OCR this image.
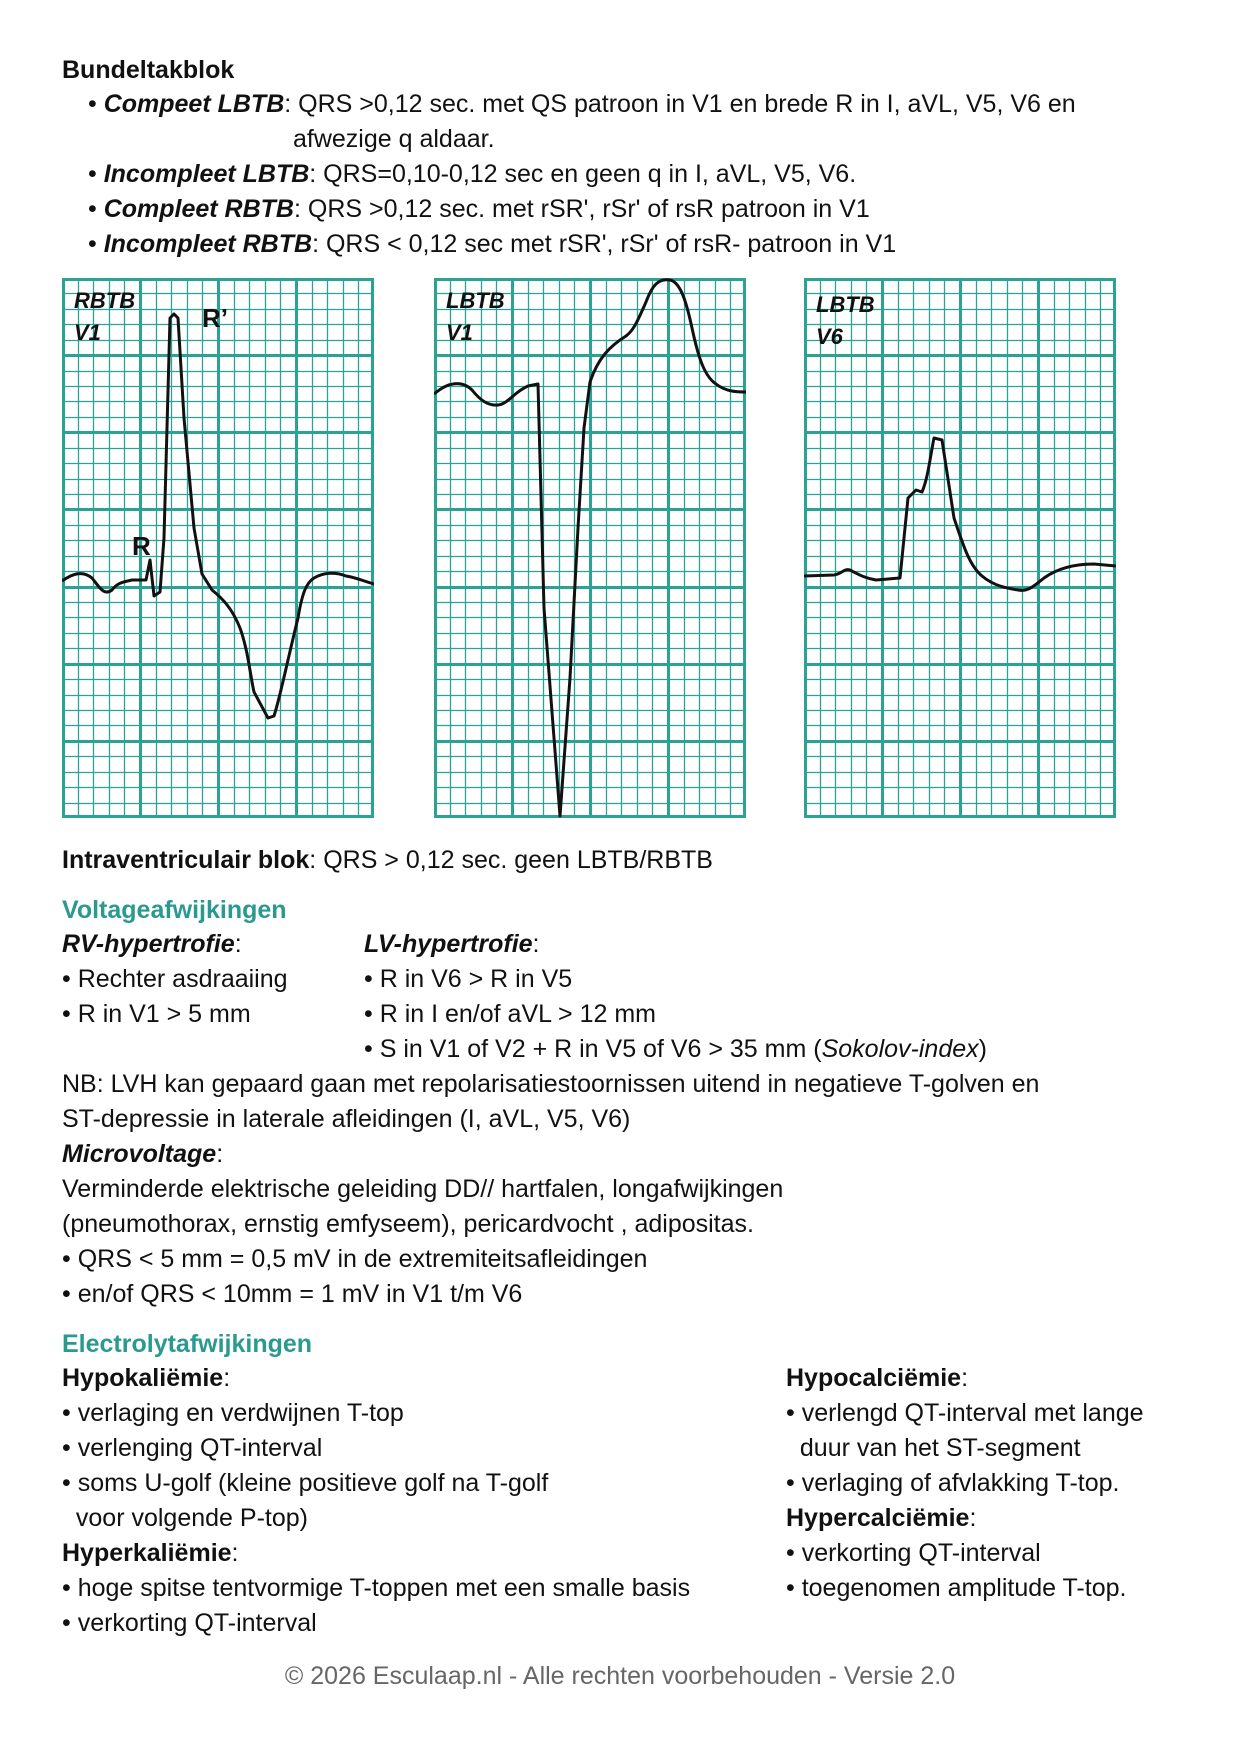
Bundeltakblok
• Compeet LBTB: QRS >0,12 sec. met QS patroon in V1 en brede R in I, aVL, V5, V6 en
afwezige q aldaar.
• Incompleet LBTB: QRS=0,10-0,12 sec en geen q in I, aVL, V5, V6.
• Compleet RBTB: QRS >0,12 sec. met rSR', rSr' of rsR patroon in V1
• Incompleet RBTB: QRS < 0,12 sec met rSR', rSr' of rsR- patroon in V1
RBTB
V1	R’
R
LBTB
V1
LBTB
V6
Intraventriculair blok: QRS > 0,12 sec. geen LBTB/RBTB
Voltageafwijkingen
RV-hypertrofie:
• Rechter asdraaiing
• R in V1 > 5 mm
LV-hypertrofie:
• R in V6 > R in V5
• R in I en/of aVL > 12 mm
• S in V1 of V2 + R in V5 of V6 > 35 mm (Sokolov-index)
NB: LVH kan gepaard gaan met repolarisatiestoornissen uitend in negatieve T-golven en
ST-depressie in laterale afleidingen (I, aVL, V5, V6)
Microvoltage:
Verminderde elektrische geleiding DD// hartfalen, longafwijkingen
(pneumothorax, ernstig emfyseem), pericardvocht , adipositas.
• QRS < 5 mm = 0,5 mV in de extremiteitsafleidingen
• en/of QRS < 10mm = 1 mV in V1 t/m V6
Electrolytafwijkingen
Hypokaliëmie:
• verlaging en verdwijnen T-top
• verlenging QT-interval
• soms U-golf (kleine positieve golf na T-golf
voor volgende P-top)
Hyperkaliëmie:
• hoge spitse tentvormige T-toppen met een smalle basis
• verkorting QT-interval
Hypocalciëmie:
• verlengd QT-interval met lange
duur van het ST-segment
• verlaging of afvlakking T-top.
Hypercalciëmie:
• verkorting QT-interval
• toegenomen amplitude T-top.
© 2026 Esculaap.nl - Alle rechten voorbehouden - Versie 2.0
